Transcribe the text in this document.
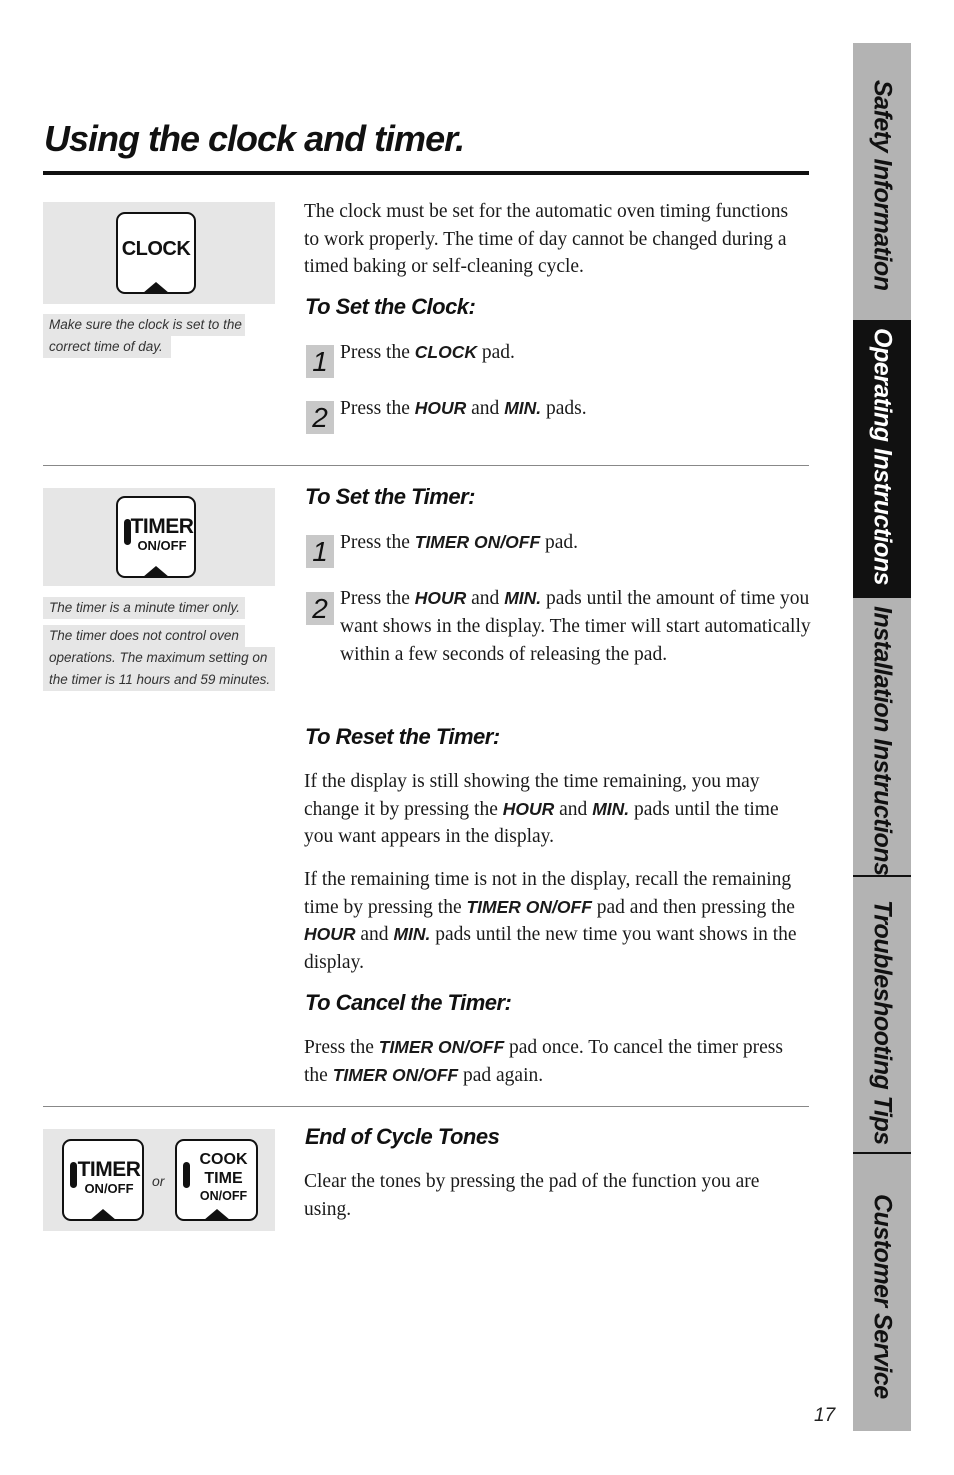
Using the clock and timer.
CLOCK
Make sure the clock is set to the
correct time of day.

The clock must be set for the automatic oven timing functions to work properly. The time of day cannot be changed during a timed baking or self-cleaning cycle.

To Set the Clock:
1 Press the CLOCK pad.

2 Press the HOUR and MIN. pads.

TIMER
ON/OFF
The timer is a minute timer only.
The timer does not control oven
operations. The maximum setting on
the timer is 11 hours and 59 minutes.
To Set the Timer:
1 Press the TIMER ON/OFF pad.

2 Press the HOUR and MIN. pads until the amount of time you want shows in the display. The timer will start automatically within a few seconds of releasing the pad.

To Reset the Timer:

If the display is still showing the time remaining, you may change it by pressing the HOUR and MIN. pads until the time you want appears in the display.

If the remaining time is not in the display, recall the remaining time by pressing the TIMER ON/OFF pad and then pressing the HOUR and MIN. pads until the new time you want shows in the display.

To Cancel the Timer:

Press the TIMER ON/OFF pad once. To cancel the timer press the TIMER ON/OFF pad again.

TIMER
ON/OFF
COOK
TIME
ON/OFF
or
End of Cycle Tones

Clear the tones by pressing the pad of the function you are using.

Safety Information
Operating Instructions
Installation Instructions
Troubleshooting Tips
Customer Service
17
